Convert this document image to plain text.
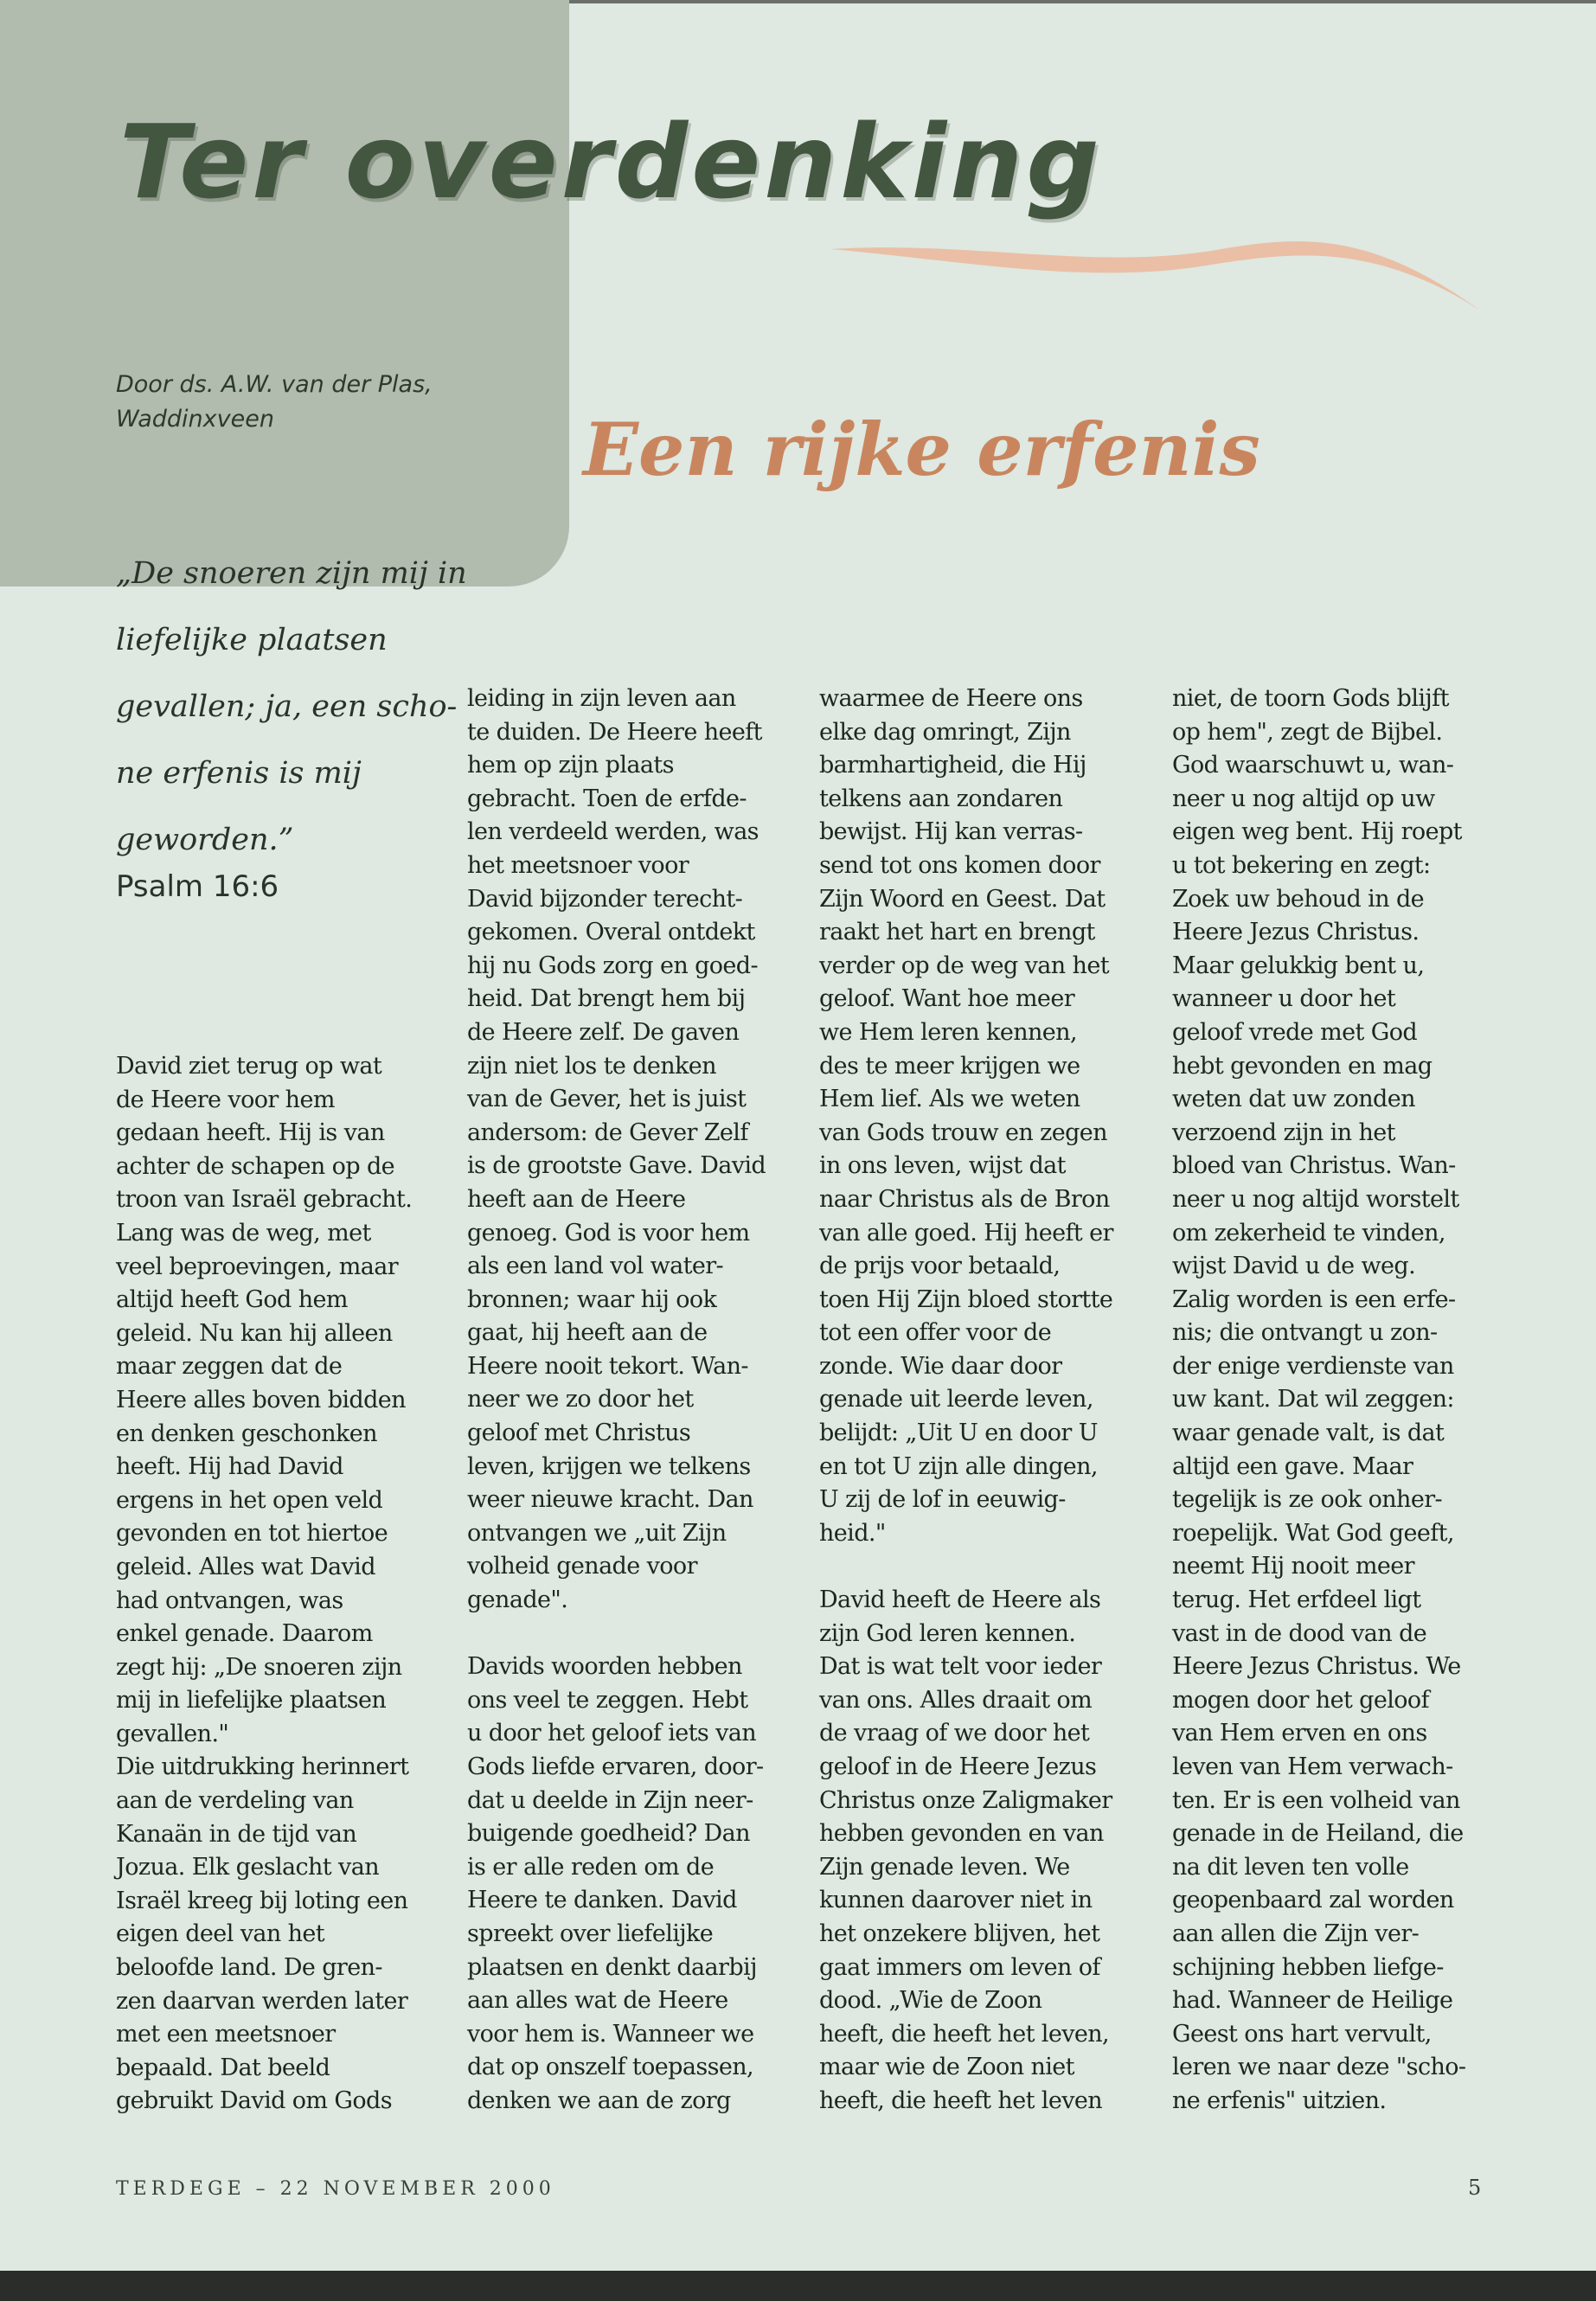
Ter overdenking
Door ds. A.W. van der Plas,
Waddinxveen	Een rijke erfenis
„De snoeren zijn mij in
liefelijke plaatsen
gevallen; ja, een scho-
ne erfenis is mij
geworden.”
Psalm 16:6
David ziet terug op wat
de Heere voor hem
gedaan heeft. Hij is van
achter de schapen op de
troon van Israël gebracht.
Lang was de weg, met
veel beproevingen, maar
altijd heeft God hem
geleid. Nu kan hij alleen
maar zeggen dat de
Heere alles boven bidden
en denken geschonken
heeft. Hij had David
ergens in het open veld
gevonden en tot hiertoe
geleid. Alles wat David
had ontvangen, was
enkel genade. Daarom
zegt hij: „De snoeren zijn
mij in liefelijke plaatsen
gevallen."
Die uitdrukking herinnert
aan de verdeling van
Kanaän in de tijd van
Jozua. Elk geslacht van
Israël kreeg bij loting een
eigen deel van het
beloofde land. De gren-
zen daarvan werden later
met een meetsnoer
bepaald. Dat beeld
gebruikt David om Gods
leiding in zijn leven aan
te duiden. De Heere heeft
hem op zijn plaats
gebracht. Toen de erfde-
len verdeeld werden, was
het meetsnoer voor
David bijzonder terecht-
gekomen. Overal ontdekt
hij nu Gods zorg en goed-
heid. Dat brengt hem bij
de Heere zelf. De gaven
zijn niet los te denken
van de Gever, het is juist
andersom: de Gever Zelf
is de grootste Gave. David
heeft aan de Heere
genoeg. God is voor hem
als een land vol water-
bronnen; waar hij ook
gaat, hij heeft aan de
Heere nooit tekort. Wan-
neer we zo door het
geloof met Christus
leven, krijgen we telkens
weer nieuwe kracht. Dan
ontvangen we „uit Zijn
volheid genade voor
genade".
Davids woorden hebben
ons veel te zeggen. Hebt
u door het geloof iets van
Gods liefde ervaren, door-
dat u deelde in Zijn neer-
buigende goedheid? Dan
is er alle reden om de
Heere te danken. David
spreekt over liefelijke
plaatsen en denkt daarbij
aan alles wat de Heere
voor hem is. Wanneer we
dat op onszelf toepassen,
denken we aan de zorg
waarmee de Heere ons
elke dag omringt, Zijn
barmhartigheid, die Hij
telkens aan zondaren
bewijst. Hij kan verras-
send tot ons komen door
Zijn Woord en Geest. Dat
raakt het hart en brengt
verder op de weg van het
geloof. Want hoe meer
we Hem leren kennen,
des te meer krijgen we
Hem lief. Als we weten
van Gods trouw en zegen
in ons leven, wijst dat
naar Christus als de Bron
van alle goed. Hij heeft er
de prijs voor betaald,
toen Hij Zijn bloed stortte
tot een offer voor de
zonde. Wie daar door
genade uit leerde leven,
belijdt: „Uit U en door U
en tot U zijn alle dingen,
U zij de lof in eeuwig-
heid."
David heeft de Heere als
zijn God leren kennen.
Dat is wat telt voor ieder
van ons. Alles draait om
de vraag of we door het
geloof in de Heere Jezus
Christus onze Zaligmaker
hebben gevonden en van
Zijn genade leven. We
kunnen daarover niet in
het onzekere blijven, het
gaat immers om leven of
dood. „Wie de Zoon
heeft, die heeft het leven,
maar wie de Zoon niet
heeft, die heeft het leven
niet, de toorn Gods blijft
op hem", zegt de Bijbel.
God waarschuwt u, wan-
neer u nog altijd op uw
eigen weg bent. Hij roept
u tot bekering en zegt:
Zoek uw behoud in de
Heere Jezus Christus.
Maar gelukkig bent u,
wanneer u door het
geloof vrede met God
hebt gevonden en mag
weten dat uw zonden
verzoend zijn in het
bloed van Christus. Wan-
neer u nog altijd worstelt
om zekerheid te vinden,
wijst David u de weg.
Zalig worden is een erfe-
nis; die ontvangt u zon-
der enige verdienste van
uw kant. Dat wil zeggen:
waar genade valt, is dat
altijd een gave. Maar
tegelijk is ze ook onher-
roepelijk. Wat God geeft,
neemt Hij nooit meer
terug. Het erfdeel ligt
vast in de dood van de
Heere Jezus Christus. We
mogen door het geloof
van Hem erven en ons
leven van Hem verwach-
ten. Er is een volheid van
genade in de Heiland, die
na dit leven ten volle
geopenbaard zal worden
aan allen die Zijn ver-
schijning hebben liefge-
had. Wanneer de Heilige
Geest ons hart vervult,
leren we naar deze "scho-
ne erfenis" uitzien.
TERDEGE – 22 NOVEMBER 2000	5
